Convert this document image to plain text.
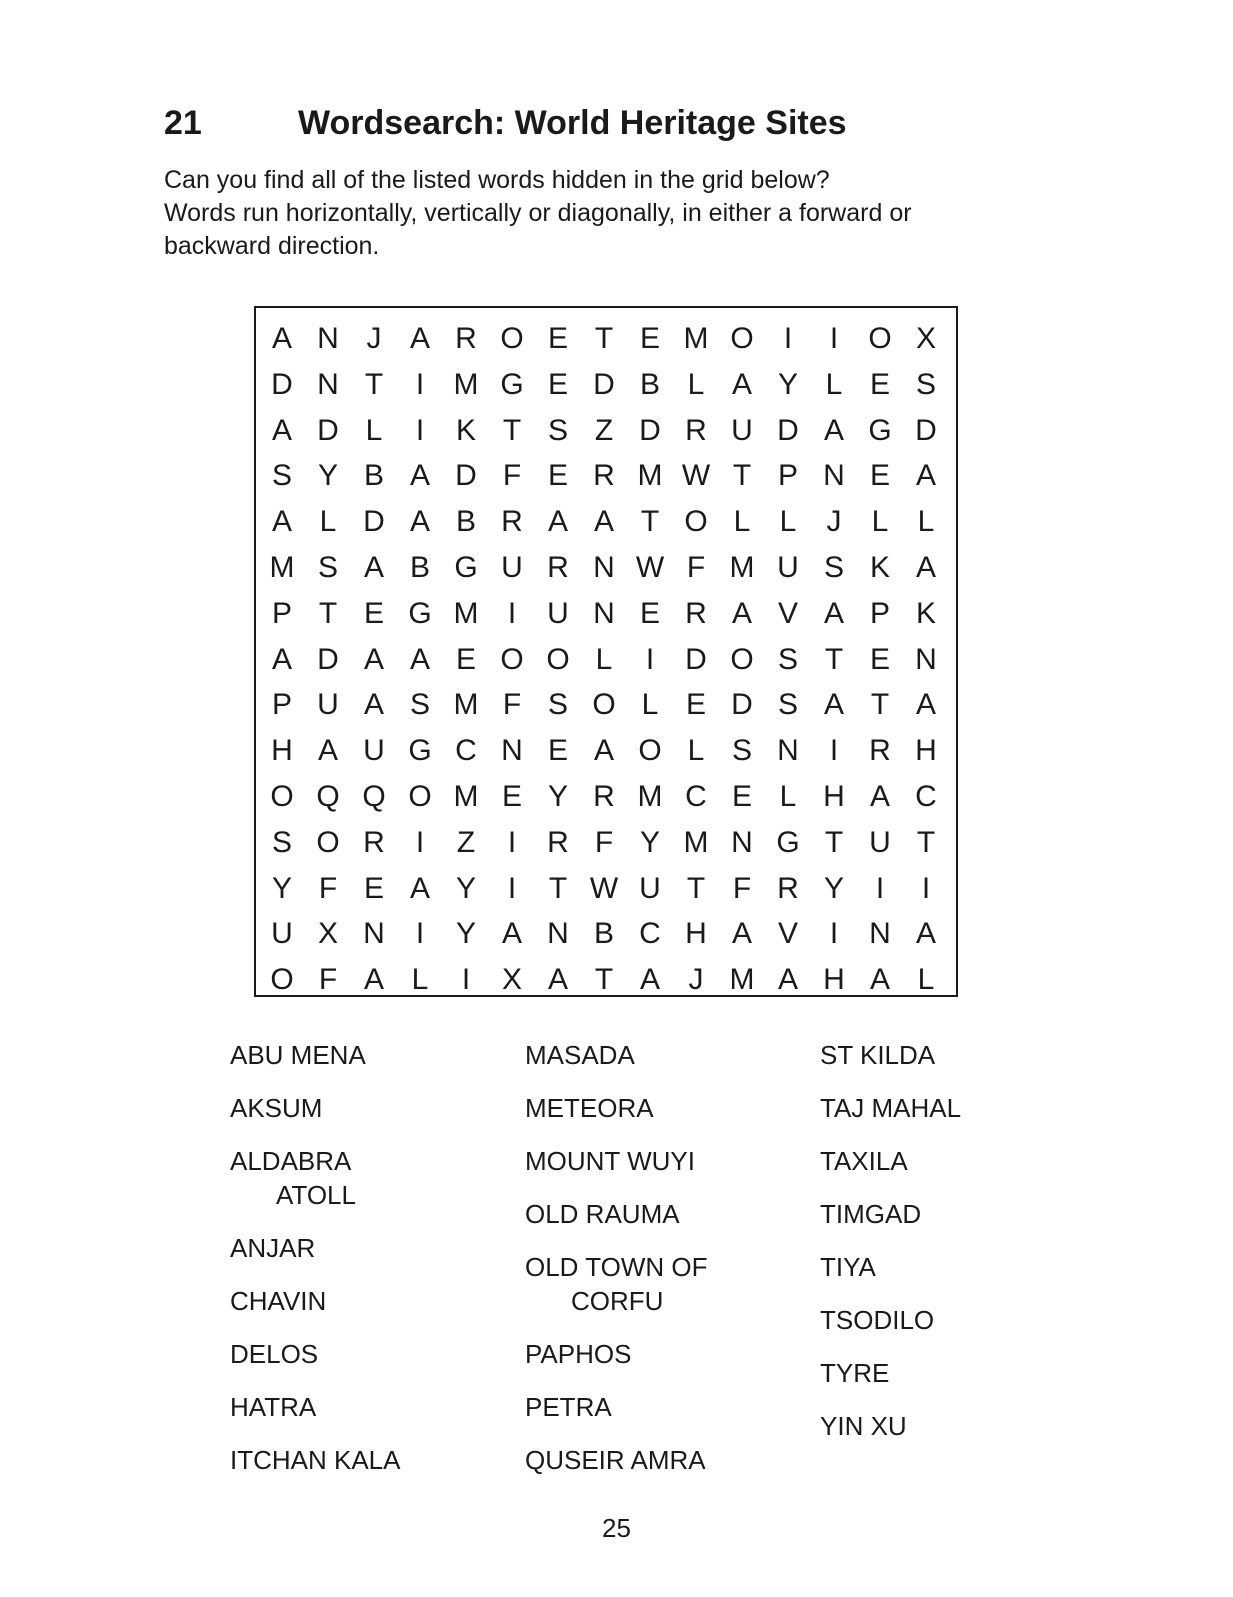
21	Wordsearch: World Heritage Sites
Can you find all of the listed words hidden in the grid below?
Words run horizontally, vertically or diagonally, in either a forward or
backward direction.
A N J A R O E T E M O	I	I	O X
D N T	I M G E D B L A Y L E S
A D L	I	K T S Z D R U D A G D
S Y B A D F E R M W T P N E A
A L D A B R A A T O L L	J	L L
M S A B G U R N W F M U S K A
P T E G M I	U N E R A V A P K
A D A A E O O L	I	D O S T E N
P U A S M F S O L E D S A T A
H A U G C N E A O L S N	I	R H
O Q Q O M E Y R M C E L H A C
S O R	I	Z	I	R F Y M N G T U T
Y F E A Y	I	T W U T F R Y	I	I
U X N	I	Y A N B C H A V	I	N A
O F A L	I	X A T A J M A H A L
ABU MENA
AKSUM
ALDABRA
ATOLL
ANJAR
CHAVIN
DELOS
HATRA
ITCHAN KALA
MASADA
METEORA
MOUNT WUYI
OLD RAUMA
OLD TOWN OF
CORFU
PAPHOS
PETRA
QUSEIR AMRA
ST KILDA
TAJ MAHAL
TAXILA
TIMGAD
TIYA
TSODILO
TYRE
YIN XU
25
